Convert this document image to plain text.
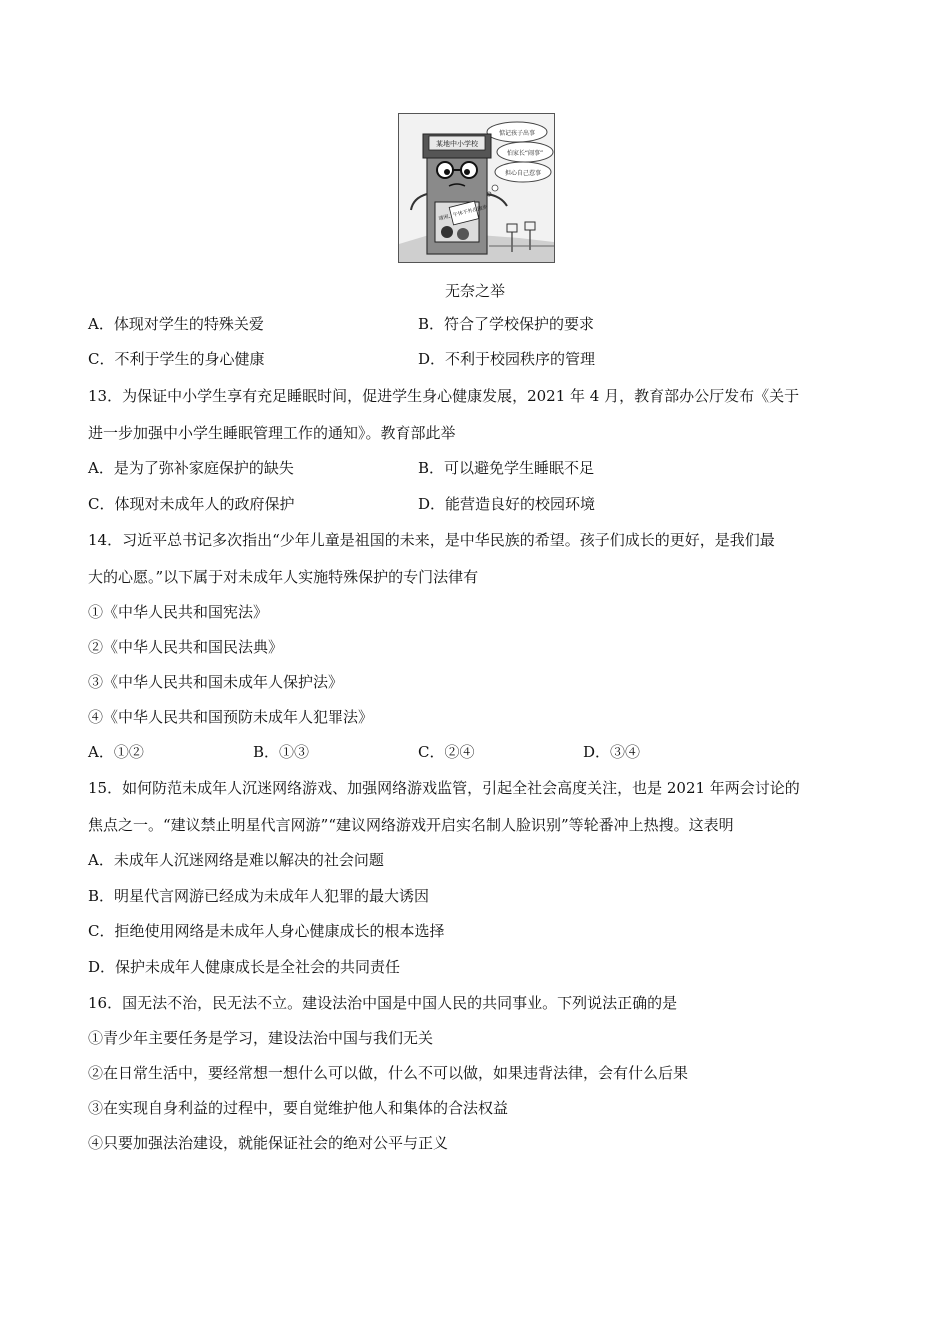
惦记孩子出事
怕家长“闹事”
担心自己惹事
某地中小学校
请闲、午休不外出跑步
无奈之举
A．体现对学生的特殊关爱	B．符合了学校保护的要求
C．不利于学生的身心健康	D．不利于校园秩序的管理
13．为保证中小学生享有充足睡眠时间，促进学生身心健康发展，2021 年 4 月，教育部办公厅发布《关于
进一步加强中小学生睡眠管理工作的通知》。教育部此举
A．是为了弥补家庭保护的缺失	B．可以避免学生睡眠不足
C．体现对未成年人的政府保护	D．能营造良好的校园环境
14．习近平总书记多次指出“少年儿童是祖国的未来，是中华民族的希望。孩子们成长的更好，是我们最
大的心愿。”以下属于对未成年人实施特殊保护的专门法律有
①《中华人民共和国宪法》
②《中华人民共和国民法典》
③《中华人民共和国未成年人保护法》
④《中华人民共和国预防未成年人犯罪法》
A．①②	B．①③	C．②④	D．③④
15．如何防范未成年人沉迷网络游戏、加强网络游戏监管，引起全社会高度关注，也是 2021 年两会讨论的
焦点之一。“建议禁止明星代言网游”“建议网络游戏开启实名制人脸识别”等轮番冲上热搜。这表明
A．未成年人沉迷网络是难以解决的社会问题
B．明星代言网游已经成为未成年人犯罪的最大诱因
C．拒绝使用网络是未成年人身心健康成长的根本选择
D．保护未成年人健康成长是全社会的共同责任
16．国无法不治，民无法不立。建设法治中国是中国人民的共同事业。下列说法正确的是
①青少年主要任务是学习，建设法治中国与我们无关
②在日常生活中，要经常想一想什么可以做，什么不可以做，如果违背法律，会有什么后果
③在实现自身利益的过程中，要自觉维护他人和集体的合法权益
④只要加强法治建设，就能保证社会的绝对公平与正义
